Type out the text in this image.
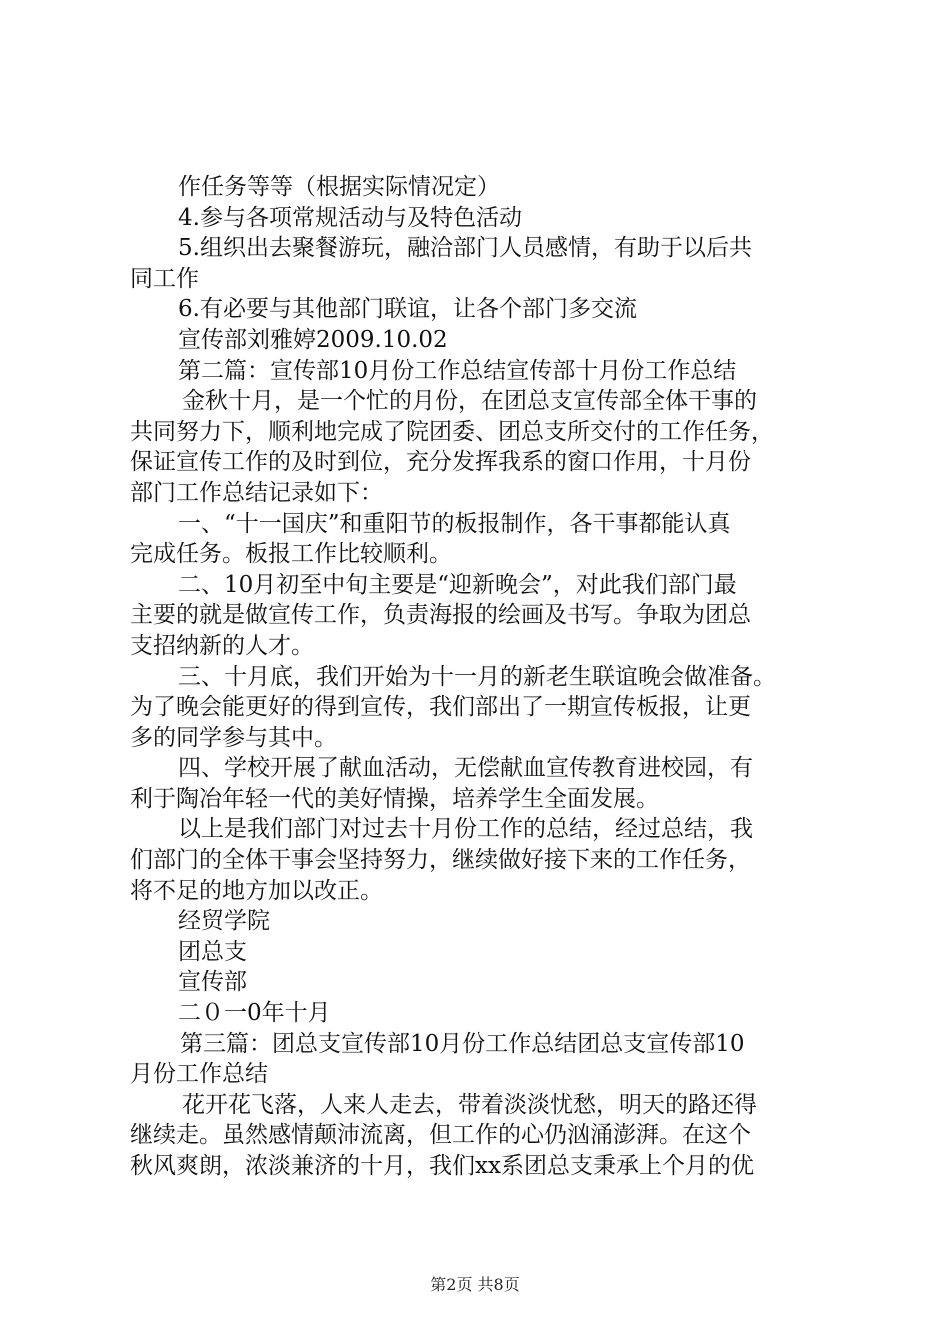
作任务等等（根据实际情况定）
4.参与各项常规活动与及特色活动
5.组织出去聚餐游玩，融洽部门人员感情，有助于以后共
同工作
6.有必要与其他部门联谊，让各个部门多交流
宣传部刘雅婷2009.10.02
第二篇：宣传部10月份工作总结宣传部十月份工作总结
金秋十月，是一个忙的月份，在团总支宣传部全体干事的
共同努力下，顺利地完成了院团委、团总支所交付的工作任务，
保证宣传工作的及时到位，充分发挥我系的窗口作用，十月份
部门工作总结记录如下：
一、“十一国庆”和重阳节的板报制作，各干事都能认真
完成任务。板报工作比较顺利。
二、10月初至中旬主要是“迎新晚会”，对此我们部门最
主要的就是做宣传工作，负责海报的绘画及书写。争取为团总
支招纳新的人才。
三、十月底，我们开始为十一月的新老生联谊晚会做准备。
为了晚会能更好的得到宣传，我们部出了一期宣传板报，让更
多的同学参与其中。
四、学校开展了献血活动，无偿献血宣传教育进校园，有
利于陶冶年轻一代的美好情操，培养学生全面发展。
以上是我们部门对过去十月份工作的总结，经过总结，我
们部门的全体干事会坚持努力，继续做好接下来的工作任务，
将不足的地方加以改正。
经贸学院
团总支
宣传部
二０一0年十月
第三篇：团总支宣传部10月份工作总结团总支宣传部10
月份工作总结
花开花飞落，人来人走去，带着淡淡忧愁，明天的路还得
继续走。虽然感情颠沛流离，但工作的心仍汹涌澎湃。在这个
秋风爽朗，浓淡兼济的十月，我们xx系团总支秉承上个月的优
第2页 共8页
